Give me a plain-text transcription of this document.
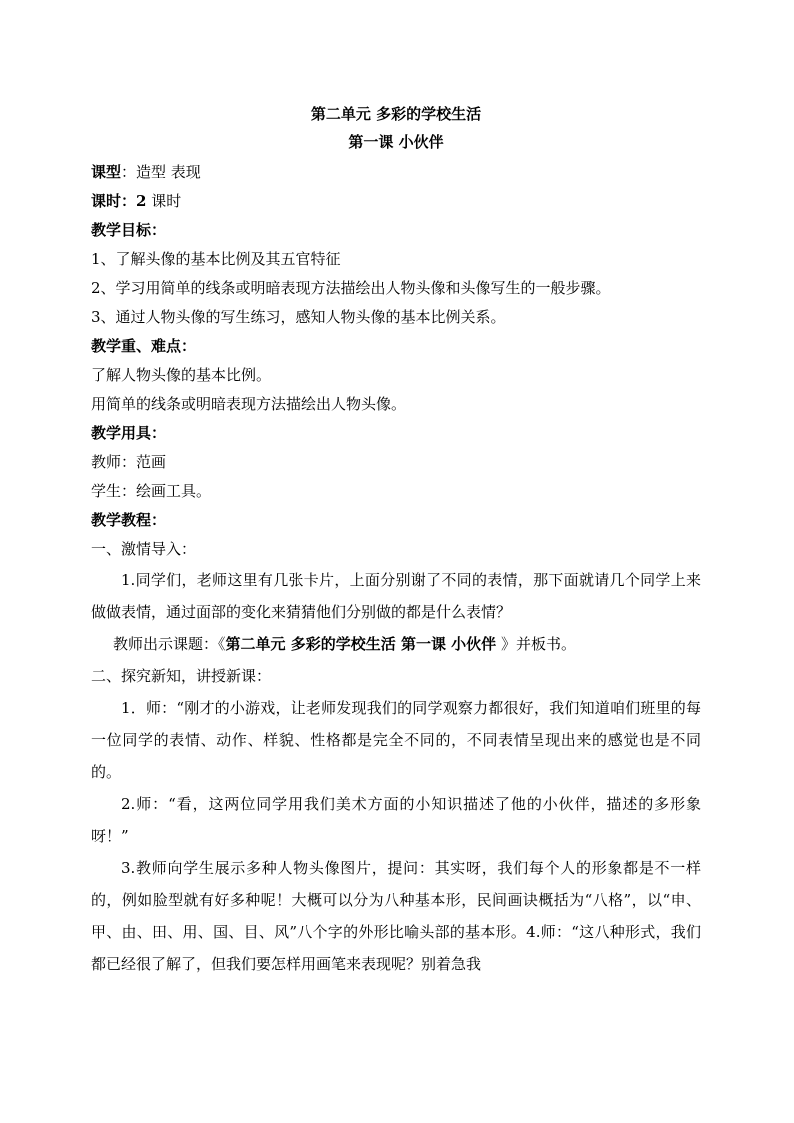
第二单元 多彩的学校生活
第一课 小伙伴
课型：造型 表现
课时：2 课时
教学目标：
1、了解头像的基本比例及其五官特征
2、学习用简单的线条或明暗表现方法描绘出人物头像和头像写生的一般步骤。
3、通过人物头像的写生练习，感知人物头像的基本比例关系。
教学重、难点：
了解人物头像的基本比例。
用简单的线条或明暗表现方法描绘出人物头像。
教学用具：
教师：范画
学生：绘画工具。
教学教程：
一、激情导入：

1.同学们，老师这里有几张卡片，上面分别谢了不同的表情，那下面就请几个同学上来做做表情，通过面部的变化来猜猜他们分别做的都是什么表情？

教师出示课题：《第二单元 多彩的学校生活 第一课 小伙伴 》并板书。
二、探究新知，讲授新课：

1．师：“刚才的小游戏，让老师发现我们的同学观察力都很好，我们知道咱们班里的每一位同学的表情、动作、样貌、性格都是完全不同的，不同表情呈现出来的感觉也是不同的。

2.师：“看，这两位同学用我们美术方面的小知识描述了他的小伙伴，描述的多形象呀！”

3.教师向学生展示多种人物头像图片，提问：其实呀，我们每个人的形象都是不一样的，例如脸型就有好多种呢！大概可以分为八种基本形，民间画诀概括为“八格”，以“申、甲、由、田、用、国、目、风”八个字的外形比喻头部的基本形。4.师：“这八种形式，我们都已经很了解了，但我们要怎样用画笔来表现呢？别着急我
